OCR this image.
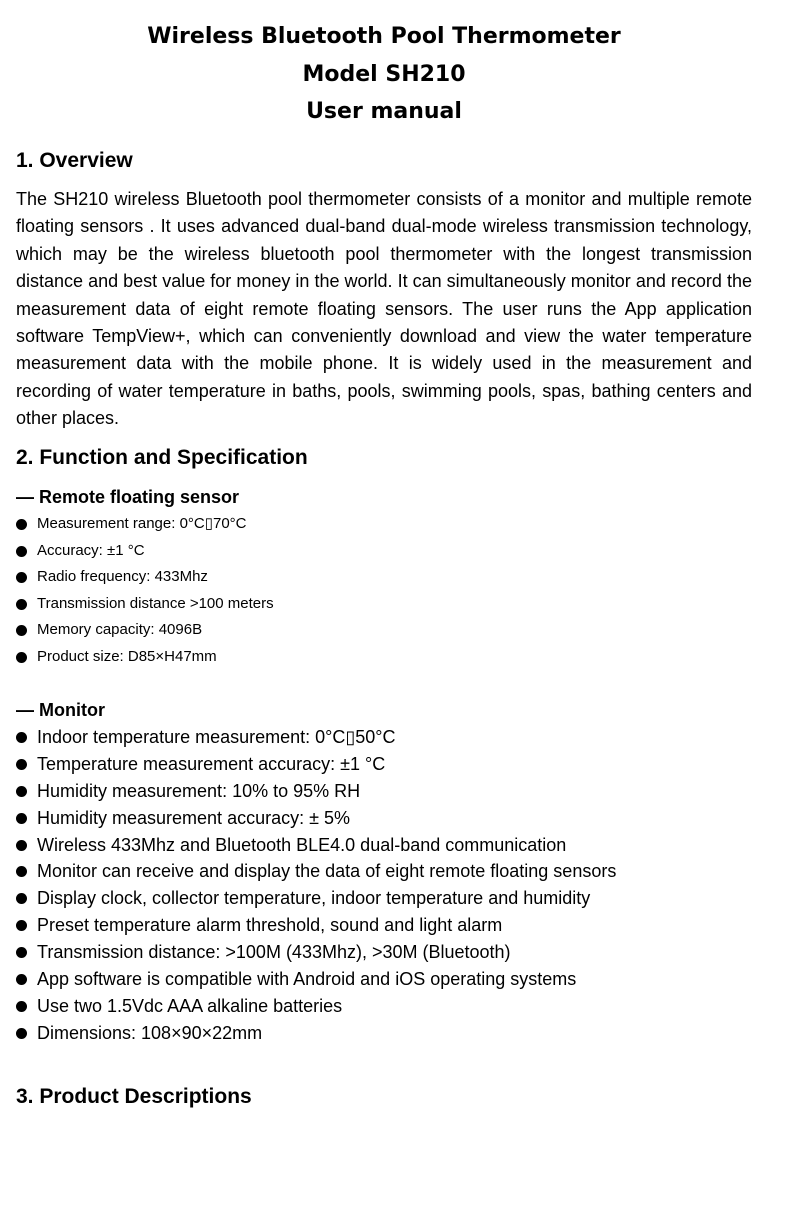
Wireless Bluetooth Pool Thermometer
Model SH210
User manual
1. Overview

The SH210 wireless Bluetooth pool thermometer consists of a monitor and multiple remote floating sensors . It uses advanced dual-band dual-mode wireless transmission technology, which may be the wireless bluetooth pool thermometer with the longest transmission distance and best value for money in the world. It can simultaneously monitor and record the measurement data of eight remote floating sensors. The user runs the App application software TempView+, which can conveniently download and view the water temperature measurement data with the mobile phone. It is widely used in the measurement and recording of water temperature in baths, pools, swimming pools, spas, bathing centers and other places.

2. Function and Specification
— Remote floating sensor
Measurement range: 0°C▯70°C
Accuracy: ±1 °C
Radio frequency: 433Mhz
Transmission distance >100 meters
Memory capacity: 4096B
Product size: D85×H47mm
— Monitor
Indoor temperature measurement: 0°C▯50°C
Temperature measurement accuracy: ±1 °C
Humidity measurement: 10% to 95% RH
Humidity measurement accuracy: ± 5%
Wireless 433Mhz and Bluetooth BLE4.0 dual-band communication
Monitor can receive and display the data of eight remote floating sensors
Display clock, collector temperature, indoor temperature and humidity
Preset temperature alarm threshold, sound and light alarm
Transmission distance: >100M (433Mhz), >30M (Bluetooth)
App software is compatible with Android and iOS operating systems
Use two 1.5Vdc AAA alkaline batteries
Dimensions: 108×90×22mm
3. Product Descriptions
